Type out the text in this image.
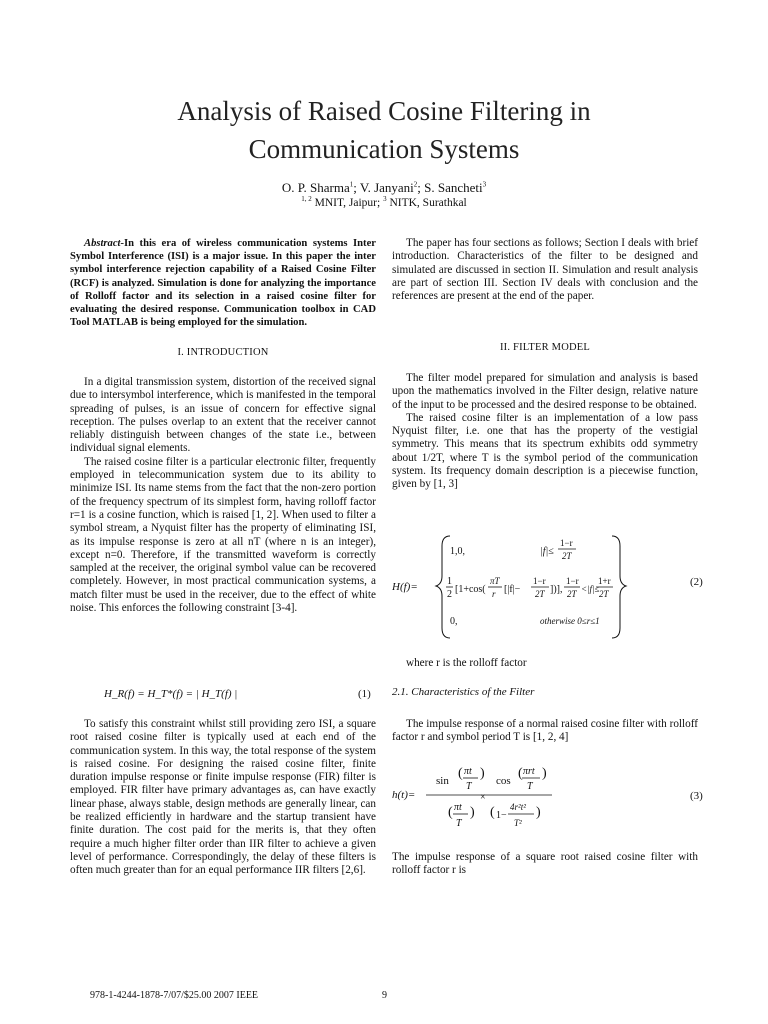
Analysis of Raised Cosine Filtering in
Communication Systems
O. P. Sharma$^1$; V. Janyani$^2$; S. Sancheti$^3$
$^{1, 2}$ MNIT, Jaipur; $^3$ NITK, Surathkal

Abstract-In this era of wireless communication systems Inter Symbol Interference (ISI) is a major issue. In this paper the inter symbol interference rejection capability of a Raised Cosine Filter (RCF) is analyzed. Simulation is done for analyzing the importance of Rolloff factor and its selection in a raised cosine filter for evaluating the desired response. Communication toolbox in CAD Tool MATLAB is being employed for the simulation.

I. INTRODUCTION

In a digital transmission system, distortion of the received signal due to intersymbol interference, which is manifested in the temporal spreading of pulses, is an issue of concern for effective signal reception. The pulses overlap to an extent that the receiver cannot reliably distinguish between changes of the state i.e., between individual signal elements.

The raised cosine filter is a particular electronic filter, frequently employed in telecommunication system due to its ability to minimize ISI. Its name stems from the fact that the non-zero portion of the frequency spectrum of its simplest form, having rolloff factor r=1 is a cosine function, which is raised [1, 2]. When used to filter a symbol stream, a Nyquist filter has the property of eliminating ISI, as its impulse response is zero at all nT (where n is an integer), except n=0. Therefore, if the transmitted waveform is correctly sampled at the receiver, the original symbol value can be recovered completely. However, in most practical communication systems, a match filter must be used in the receiver, due to the effect of white noise. This enforces the following constraint [3-4].

H_R(f) = H_T*(f) = | H_T(f) |	(1)

To satisfy this constraint whilst still providing zero ISI, a square root raised cosine filter is typically used at each end of the communication system. In this way, the total response of the system is raised cosine. For designing the raised cosine filter, finite duration impulse response or finite impulse response (FIR) filter is employed. FIR filter have primary advantages as, can have exactly linear phase, always stable, design methods are generally linear, can be realized efficiently in hardware and the startup transient have finite duration. The cost paid for the merits is, that they often require a much higher filter order than IIR filter to achieve a given level of performance. Correspondingly, the delay of these filters is often much greater than for an equal performance IIR filters [2,6].

The paper has four sections as follows; Section I deals with brief introduction. Characteristics of the filter to be designed and simulated are discussed in section II. Simulation and result analysis are part of section III. Section IV deals with conclusion and the references are present at the end of the paper.

II. FILTER MODEL

The filter model prepared for simulation and analysis is based upon the mathematics involved in the Filter design, relative nature of the input to be processed and the desired response to be obtained.

The raised cosine filter is an implementation of a low pass Nyquist filter, i.e. one that has the property of the vestigial symmetry. This means that its spectrum exhibits odd symmetry about 1/2T, where T is the symbol period of the communication system. Its frequency domain description is a piecewise function, given by [1, 3]

H(f)=
1,0,	|f|≤
1−r
2T
1
2 [1+cos(
πT
r [|f|−
1−r
2T ])],
1−r
2T <|f|≤
1+r
2T
0,	otherwise 0≤r≤1
(2)

where r is the rolloff factor

2.1. Characteristics of the Filter

The impulse response of a normal raised cosine filter with rolloff factor r and symbol period T is [1, 2, 4]

h(t)=
sin ( πt
T
) cos ( πrt
T
)
( πt
T
)
×
( 1−
4r²t²
T²
)
(3)

The impulse response of a square root raised cosine filter with rolloff factor r is

978-1-4244-1878-7/07/$25.00 2007 IEEE	9
